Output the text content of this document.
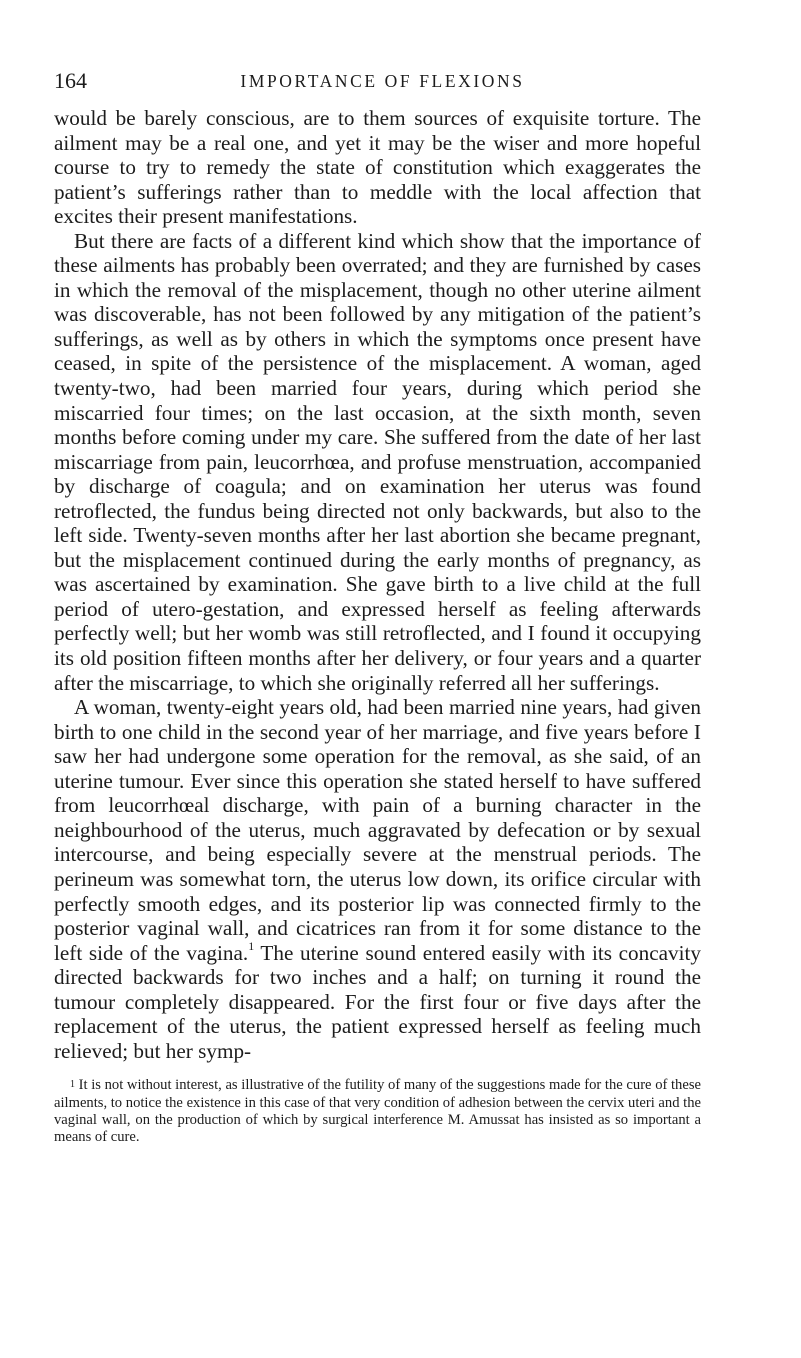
164	IMPORTANCE OF FLEXIONS

would be barely conscious, are to them sources of exquisite torture. The ailment may be a real one, and yet it may be the wiser and more hopeful course to try to remedy the state of constitution which exaggerates the patient’s sufferings rather than to meddle with the local affection that excites their present manifestations.

But there are facts of a different kind which show that the importance of these ailments has probably been overrated; and they are furnished by cases in which the removal of the misplacement, though no other uterine ailment was discoverable, has not been followed by any mitigation of the patient’s sufferings, as well as by others in which the symptoms once present have ceased, in spite of the persistence of the misplacement. A woman, aged twenty-two, had been married four years, during which period she miscarried four times; on the last occasion, at the sixth month, seven months before coming under my care. She suffered from the date of her last miscarriage from pain, leucorrhœa, and profuse menstruation, accompanied by discharge of coagula; and on examination her uterus was found retroflected, the fundus being directed not only backwards, but also to the left side. Twenty-seven months after her last abortion she became pregnant, but the misplacement continued during the early months of pregnancy, as was ascertained by examination. She gave birth to a live child at the full period of utero-gestation, and expressed herself as feeling afterwards perfectly well; but her womb was still retroflected, and I found it occupying its old position fifteen months after her delivery, or four years and a quarter after the miscarriage, to which she originally referred all her sufferings.

A woman, twenty-eight years old, had been married nine years, had given birth to one child in the second year of her marriage, and five years before I saw her had undergone some operation for the removal, as she said, of an uterine tumour. Ever since this operation she stated herself to have suffered from leucorrhœal discharge, with pain of a burning character in the neighbourhood of the uterus, much aggravated by defecation or by sexual intercourse, and being especially severe at the menstrual periods. The perineum was somewhat torn, the uterus low down, its orifice circular with perfectly smooth edges, and its posterior lip was connected firmly to the posterior vaginal wall, and cicatrices ran from it for some distance to the left side of the vagina.$^1$ The uterine sound entered easily with its concavity directed backwards for two inches and a half; on turning it round the tumour completely disappeared. For the first four or five days after the replacement of the uterus, the patient expressed herself as feeling much relieved; but her symp-

$^1$ It is not without interest, as illustrative of the futility of many of the suggestions made for the cure of these ailments, to notice the existence in this case of that very condition of adhesion between the cervix uteri and the vaginal wall, on the production of which by surgical interference M. Amussat has insisted as so important a means of cure.
